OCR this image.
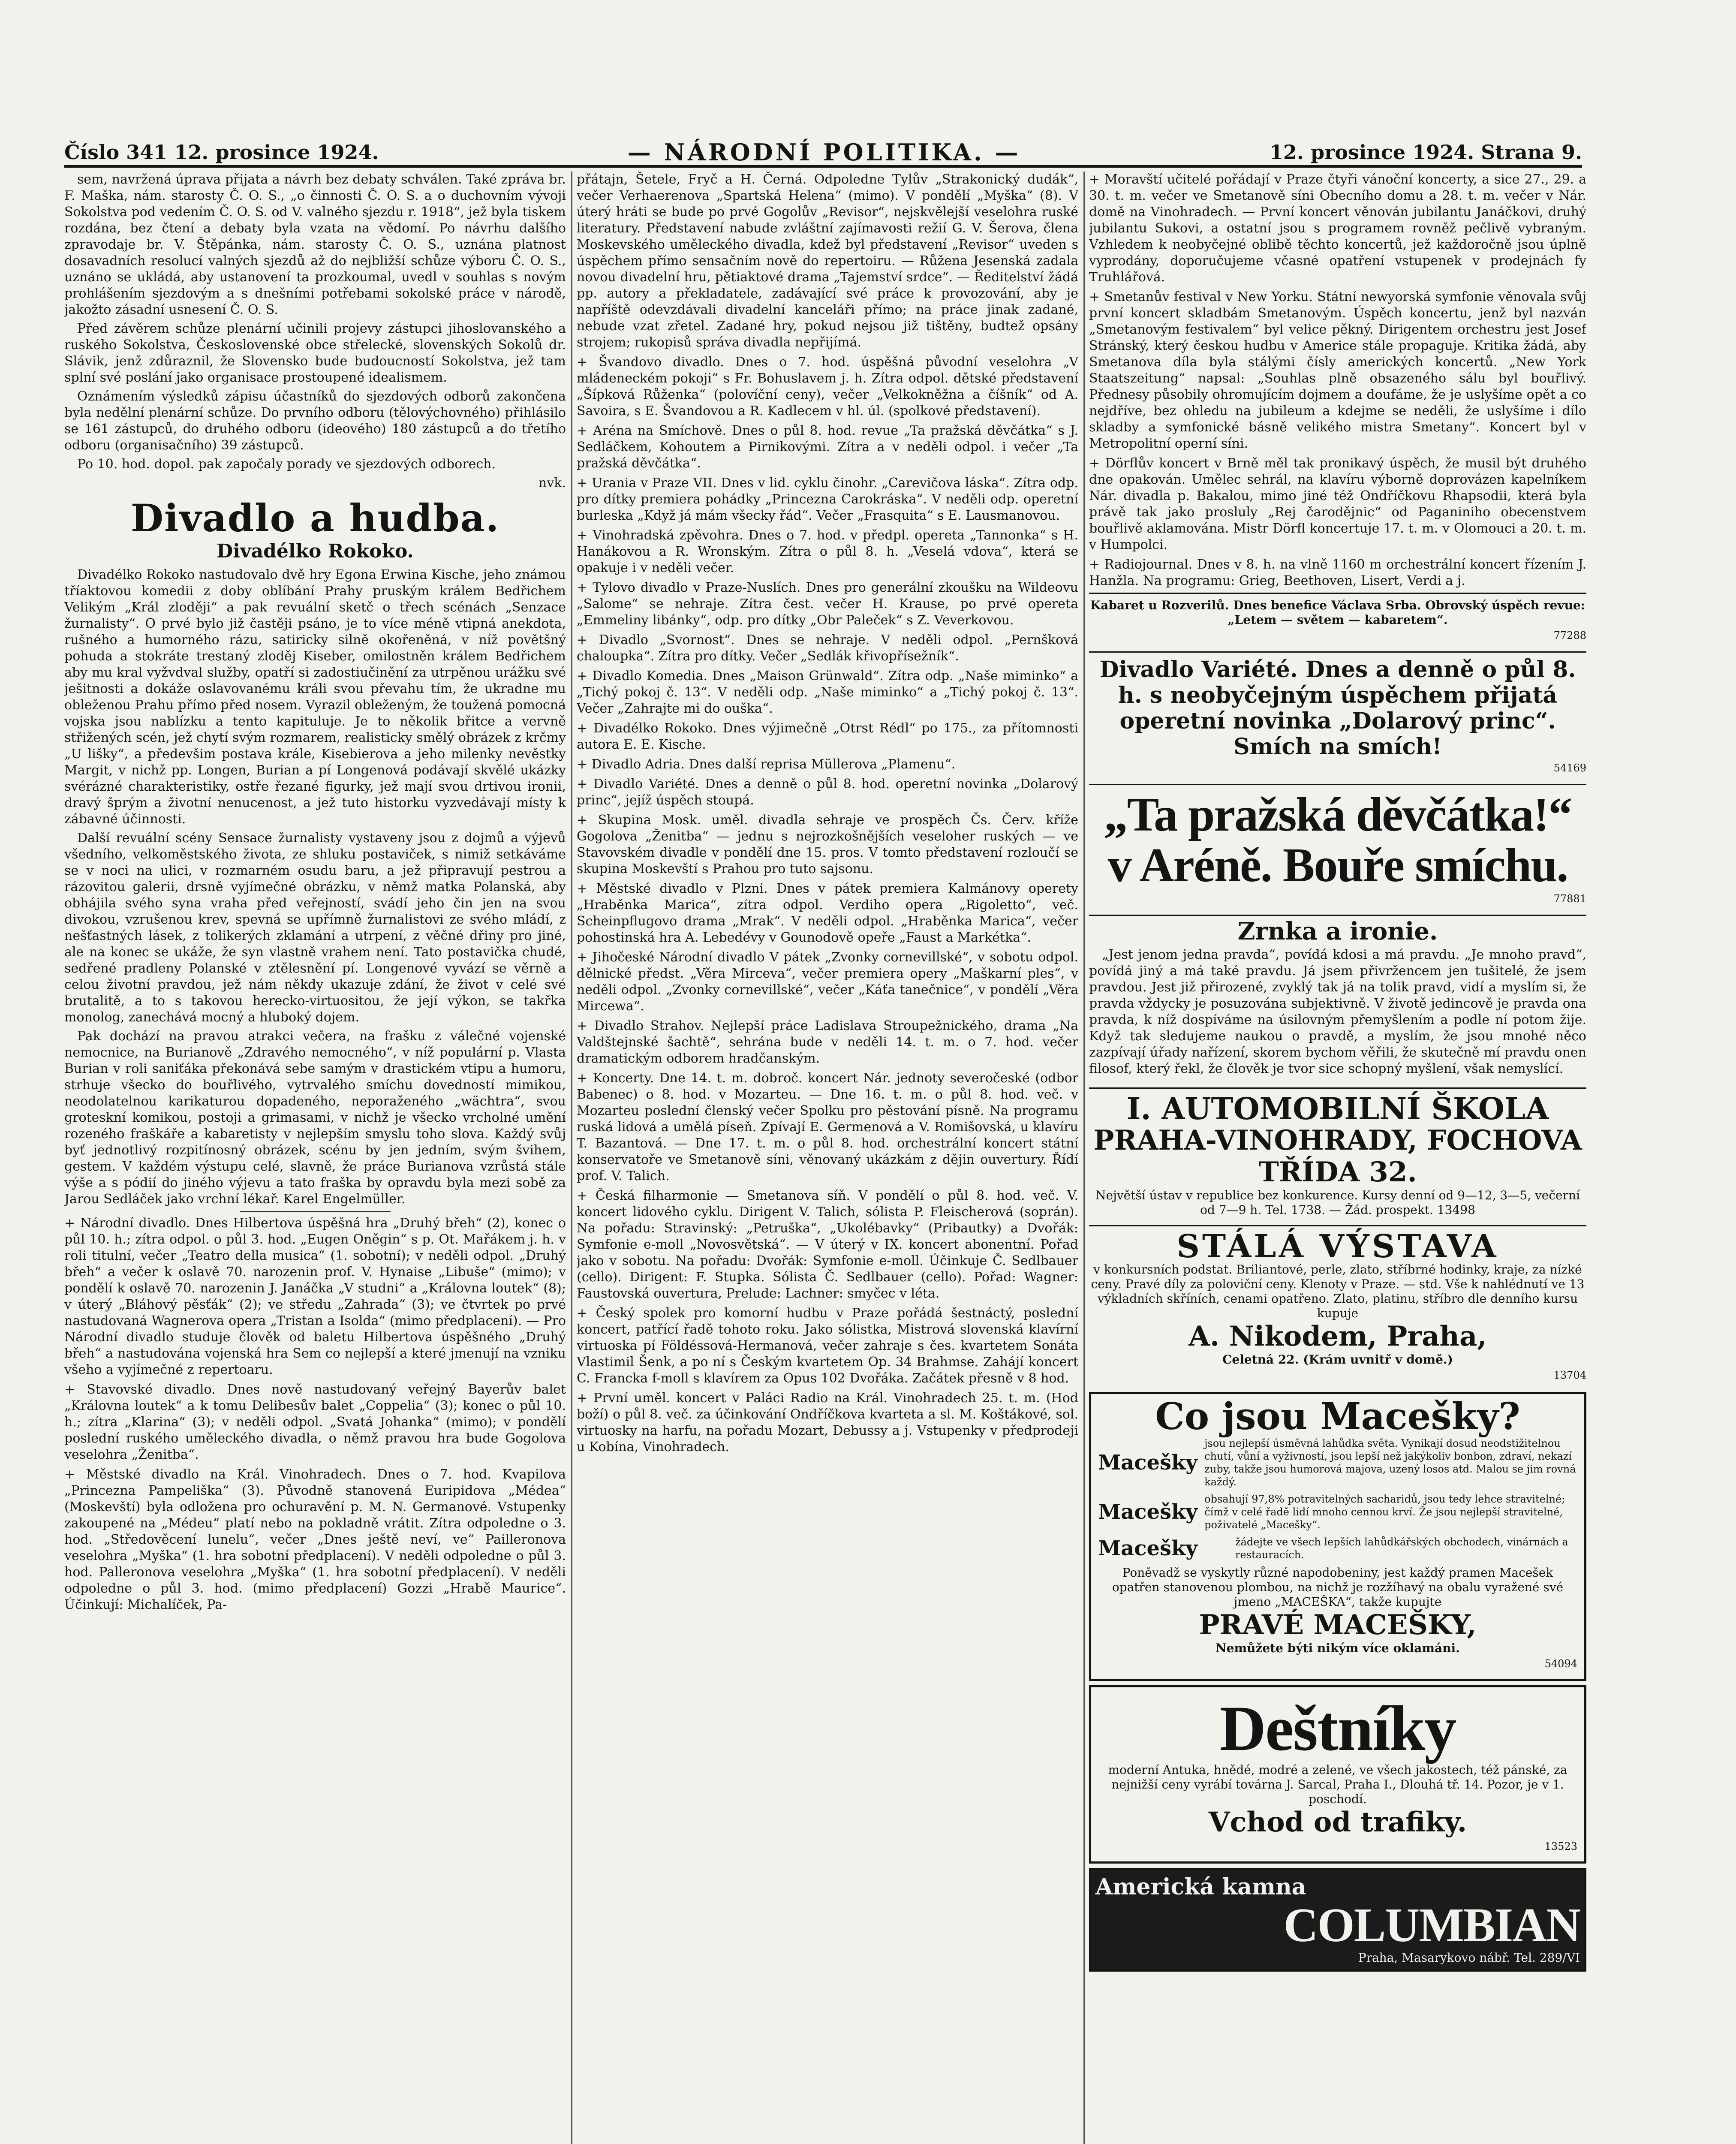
Číslo 341 12. prosince 1924.	— NÁRODNÍ POLITIKA. —	12. prosince 1924. Strana 9.

sem, navržená úprava přijata a návrh bez debaty schválen. Také zpráva br. F. Maška, nám. starosty Č. O. S., „o činnosti Č. O. S. a o duchovním vývoji Sokolstva pod vedením Č. O. S. od V. valného sjezdu r. 1918“, jež byla tiskem rozdána, bez čtení a debaty byla vzata na vědomí. Po návrhu dalšího zpravodaje br. V. Štěpánka, nám. starosty Č. O. S., uznána platnost dosavadních resolucí valných sjezdů až do nejbližší schůze výboru Č. O. S., uznáno se ukládá, aby ustanovení ta prozkoumal, uvedl v souhlas s novým prohlášením sjezdovým a s dnešními potřebami sokolské práce v národě, jakožto zásadní usnesení Č. O. S.

Před závěrem schůze plenární učinili projevy zástupci jihoslovanského a ruského Sokolstva, Československé obce střelecké, slovenských Sokolů dr. Slávik, jenž zdůraznil, že Slovensko bude budoucností Sokolstva, jež tam splní své poslání jako organisace prostoupené idealismem.

Oznámením výsledků zápisu účastníků do sjezdových odborů zakončena byla nedělní plenární schůze. Do prvního odboru (tělovýchovného) přihlásilo se 161 zástupců, do druhého odboru (ideového) 180 zástupců a do třetího odboru (organisačního) 39 zástupců.

Po 10. hod. dopol. pak započaly porady ve sjezdových odborech.

nvk.
Divadlo a hudba.
Divadélko Rokoko.

Divadélko Rokoko nastudovalo dvě hry Egona Erwina Kische, jeho známou tříaktovou komedii z doby oblíbání Prahy pruským králem Bedřichem Velikým „Král zloději“ a pak revuální sketč o třech scénách „Senzace žurnalisty“. O prvé bylo již častěji psáno, je to více méně vtipná anekdota, rušného a humorného rázu, satiricky silně okořeněná, v níž povětšný pohuda a stokráte trestaný zloděj Kiseber, omilostněn králem Bedřichem aby mu kral vyžvdval služby, opatří si zadostiučinění za utrpěnou urážku své ješitnosti a dokáže oslavovanému králi svou převahu tím, že ukradne mu obleženou Prahu přímo před nosem. Vyrazil obleženým, že toužená pomocná vojska jsou nablízku a tento kapituluje. Je to několik břitce a vervně střižených scén, jež chytí svým rozmarem, realisticky smělý obrázek z krčmy „U lišky“, a předevšim postava krále, Kisebierova a jeho milenky nevěstky Margit, v nichž pp. Longen, Burian a pí Longenová podávají skvělé ukázky svérázné charakteristiky, ostře řezané figurky, jež mají svou drtivou ironii, dravý šprým a životní nenucenost, a jež tuto historku vyzvedávají místy k zábavné účinnosti.

Další revuální scény Sensace žurnalisty vystaveny jsou z dojmů a výjevů všedního, velkoměstského života, ze shluku postaviček, s nimiž setkáváme se v noci na ulici, v rozmarném osudu baru, a jež připravují pestrou a rázovitou galerii, drsně vyjímečné obrázku, v němž matka Polanská, aby obhájila svého syna vraha před veřejností, svádí jeho čin jen na svou divokou, vzrušenou krev, spevná se upřímně žurnalistovi ze svého mládí, z nešťastných lásek, z tolikerých zklamání a utrpení, z věčné dřiny pro jiné, ale na konec se ukáže, že syn vlastně vrahem není. Tato postavička chudé, sedřené pradleny Polanské v ztělesnění pí. Longenové vyvází se věrně a celou životní pravdou, jež nám někdy ukazuje zdání, že život v celé své brutalitě, a to s takovou herecko-virtuositou, že její výkon, se takřka monolog, zanechává mocný a hluboký dojem.

Pak dochází na pravou atrakci večera, na frašku z válečné vojenské nemocnice, na Burianově „Zdravého nemocného“, v níž populární p. Vlasta Burian v roli saniťáka překonává sebe samým v drastickém vtipu a humoru, strhuje všecko do bouřlivého, vytrvalého smíchu dovedností mimikou, neodolatelnou karikaturou dopadeného, neporaženého „wächtra“, svou groteskní komikou, postoji a grimasami, v nichž je všecko vrcholné umění rozeného fraškáře a kabaretisty v nejlepším smyslu toho slova. Každý svůj byť jednotlivý rozpitínosný obrázek, scénu by jen jedním, svým švihem, gestem. V každém výstupu celé, slavně, že práce Burianova vzrůstá stále výše a s pódií do jiného výjevu a tato fraška by opravdu byla mezi sobě za Jarou Sedláček jako vrchní lékař. Karel Engelmüller.

+ Národní divadlo. Dnes Hilbertova úspěšná hra „Druhý břeh“ (2), konec o půl 10. h.; zítra odpol. o půl 3. hod. „Eugen Oněgin“ s p. Ot. Mařákem j. h. v roli titulní, večer „Teatro della musica“ (1. sobotní); v neděli odpol. „Druhý břeh“ a večer k oslavě 70. narozenin prof. V. Hynaise „Libuše“ (mimo); v pondělí k oslavě 70. narozenin J. Janáčka „V studni“ a „Královna loutek“ (8); v úterý „Bláhový pěsťák“ (2); ve středu „Zahrada“ (3); ve čtvrtek po prvé nastudovaná Wagnerova opera „Tristan a Isolda“ (mimo předplacení). — Pro Národní divadlo studuje člověk od baletu Hilbertova úspěšného „Druhý břeh“ a nastudována vojenská hra Sem co nejlepší a které jmenují na vzniku všeho a vyjímečné z repertoaru.

+ Stavovské divadlo. Dnes nově nastudovaný veřejný Bayerův balet „Královna loutek“ a k tomu Delibesův balet „Coppelia“ (3); konec o půl 10. h.; zítra „Klarina“ (3); v neděli odpol. „Svatá Johanka“ (mimo); v pondělí poslední ruského uměleckého divadla, o němž pravou hra bude Gogolova veselohra „Ženitba“.

+ Městské divadlo na Král. Vinohradech. Dnes o 7. hod. Kvapilova „Princezna Pampeliška“ (3). Původně stanovená Euripidova „Médea“ (Moskevští) byla odložena pro ochuravění p. M. N. Germanové. Vstupenky zakoupené na „Médeu“ platí nebo na pokladně vrátit. Zítra odpoledne o 3. hod. „Středověcení lunelu“, večer „Dnes ještě neví, ve“ Pailleronova veselohra „Myška“ (1. hra sobotní předplacení). V neděli odpoledne o půl 3. hod. Palleronova veselohra „Myška“ (1. hra sobotní předplacení). V neděli odpoledne o půl 3. hod. (mimo předplacení) Gozzi „Hrabě Maurice“. Účinkují: Michalíček, Pa-

přátajn, Šetele, Fryč a H. Černá. Odpoledne Tylův „Strakonický dudák“, večer Verhaerenova „Spartská Helena“ (mimo). V pondělí „Myška“ (8). V úterý hráti se bude po prvé Gogolův „Revisor“, nejskvělejší veselohra ruské literatury. Představení nabude zvláštní zajímavosti režií G. V. Šerova, člena Moskevského uměleckého divadla, kdež byl představení „Revisor“ uveden s úspěchem přímo sensačním nově do repertoiru. — Růžena Jesenská zadala novou divadelní hru, pětiaktové drama „Tajemství srdce“. — Ředitelství žádá pp. autory a překladatele, zadávající své práce k provozování, aby je napříště odevzdávali divadelní kanceláři přímo; na práce jinak zadané, nebude vzat zřetel. Zadané hry, pokud nejsou již tištěny, budtež opsány strojem; rukopisů správa divadla nepřijímá.

+ Švandovo divadlo. Dnes o 7. hod. úspěšná původní veselohra „V mládeneckém pokoji“ s Fr. Bohuslavem j. h. Zítra odpol. dětské představení „Šípková Růženka“ (polovíční ceny), večer „Velkokněžna a číšník“ od A. Savoira, s E. Švandovou a R. Kadlecem v hl. úl. (spolkové představení).

+ Aréna na Smíchově. Dnes o půl 8. hod. revue „Ta pražská děvčátka“ s J. Sedláčkem, Kohoutem a Pirnikovými. Zítra a v neděli odpol. i večer „Ta pražská děvčátka“.

+ Urania v Praze VII. Dnes v lid. cyklu činohr. „Carevičova láska“. Zítra odp. pro dítky premiera pohádky „Princezna Carokráska“. V neděli odp. operetní burleska „Když já mám všecky řád“. Večer „Frasquita“ s E. Lausmanovou.

+ Vinohradská zpěvohra. Dnes o 7. hod. v předpl. opereta „Tannonka“ s H. Hanákovou a R. Wronským. Zítra o půl 8. h. „Veselá vdova“, která se opakuje i v neděli večer.

+ Tylovo divadlo v Praze-Nuslích. Dnes pro generální zkoušku na Wildeovu „Salome“ se nehraje. Zítra čest. večer H. Krause, po prvé opereta „Emmeliny libánky“, odp. pro dítky „Obr Paleček“ s Z. Veverkovou.

+ Divadlo „Svornost“. Dnes se nehraje. V neděli odpol. „Pernšková chaloupka“. Zítra pro dítky. Večer „Sedlák křivopřísežník“.

+ Divadlo Komedia. Dnes „Maison Grünwald“. Zítra odp. „Naše miminko“ a „Tichý pokoj č. 13“. V neděli odp. „Naše miminko“ a „Tichý pokoj č. 13“. Večer „Zahrajte mi do ouška“.

+ Divadélko Rokoko. Dnes výjimečně „Otrst Rédl“ po 175., za přítomnosti autora E. E. Kische.

+ Divadlo Adria. Dnes další reprisa Müllerova „Plamenu“.

+ Divadlo Variété. Dnes a denně o půl 8. hod. operetní novinka „Dolarový princ“, jejíž úspěch stoupá.

+ Skupina Mosk. uměl. divadla sehraje ve prospěch Čs. Červ. kříže Gogolova „Ženitba“ — jednu s nejrozkošnějších veseloher ruských — ve Stavovském divadle v pondělí dne 15. pros. V tomto představení rozloučí se skupina Moskevští s Prahou pro tuto sajsonu.

+ Městské divadlo v Plzni. Dnes v pátek premiera Kalmánovy operety „Hraběnka Marica“, zítra odpol. Verdiho opera „Rigoletto“, več. Scheinpflugovo drama „Mrak“. V neděli odpol. „Hraběnka Marica“, večer pohostinská hra A. Lebedévy v Gounodově opeře „Faust a Markétka“.

+ Jihočeské Národní divadlo V pátek „Zvonky cornevillské“, v sobotu odpol. dělnické předst. „Věra Mirceva“, večer premiera opery „Maškarní ples“, v neděli odpol. „Zvonky cornevillské“, večer „Káťa tanečnice“, v pondělí „Věra Mircewa“.

+ Divadlo Strahov. Nejlepší práce Ladislava Stroupežnického, drama „Na Valdštejnské šachtě“, sehrána bude v neděli 14. t. m. o 7. hod. večer dramatickým odborem hradčanským.

+ Koncerty. Dne 14. t. m. dobroč. koncert Nár. jednoty severočeské (odbor Babenec) o 8. hod. v Mozarteu. — Dne 16. t. m. o půl 8. hod. več. v Mozarteu poslední členský večer Spolku pro pěstování písně. Na programu ruská lidová a umělá píseň. Zpívají E. Germenová a V. Romišovská, u klavíru T. Bazantová. — Dne 17. t. m. o půl 8. hod. orchestrální koncert státní konservatoře ve Smetanově síni, věnovaný ukázkám z dějin ouvertury. Řídí prof. V. Talich.

+ Česká filharmonie — Smetanova síň. V pondělí o půl 8. hod. več. V. koncert lidového cyklu. Dirigent V. Talich, sólista P. Fleischerová (soprán). Na pořadu: Stravinský: „Petruška“, „Ukolébavky“ (Pribautky) a Dvořák: Symfonie e-moll „Novosvětská“. — V úterý v IX. koncert abonentní. Pořad jako v sobotu. Na pořadu: Dvořák: Symfonie e-moll. Účinkuje Č. Sedlbauer (cello). Dirigent: F. Stupka. Sólista Č. Sedlbauer (cello). Pořad: Wagner: Faustovská ouvertura, Prelude: Lachner: smyčec v léta.

+ Český spolek pro komorní hudbu v Praze pořádá šestnáctý, poslední koncert, patřící řadě tohoto roku. Jako sólistka, Mistrová slovenská klavírní virtuoska pí Földéssová-Hermanová, večer zahraje s čes. kvartetem Sonáta Vlastimil Šenk, a po ní s Českým kvartetem Op. 34 Brahmse. Zahájí koncert C. Francka f-moll s klavírem za Opus 102 Dvořáka. Začátek přesně v 8 hod.

+ První uměl. koncert v Paláci Radio na Král. Vinohradech 25. t. m. (Hod boží) o půl 8. več. za účinkování Ondříčkova kvarteta a sl. M. Koštákové, sol. virtuosky na harfu, na pořadu Mozart, Debussy a j. Vstupenky v předprodeji u Kobína, Vinohradech.

+ Moravští učitelé pořádají v Praze čtyři vánoční koncerty, a sice 27., 29. a 30. t. m. večer ve Smetanově síni Obecního domu a 28. t. m. večer v Nár. domě na Vinohradech. — První koncert věnován jubilantu Janáčkovi, druhý jubilantu Sukovi, a ostatní jsou s programem rovněž pečlivě vybraným. Vzhledem k neobyčejné oblibě těchto koncertů, jež každoročně jsou úplně vyprodány, doporučujeme včasné opatření vstupenek v prodejnách fy Truhlářová.

+ Smetanův festival v New Yorku. Státní newyorská symfonie věnovala svůj první koncert skladbám Smetanovým. Úspěch koncertu, jenž byl nazván „Smetanovým festivalem“ byl velice pěkný. Dirigentem orchestru jest Josef Stránský, který českou hudbu v Americe stále propaguje. Kritika žádá, aby Smetanova díla byla stálými čísly amerických koncertů. „New York Staatszeitung“ napsal: „Souhlas plně obsazeného sálu byl bouřlivý. Přednesy působily ohromujícím dojmem a doufáme, že je uslyšíme opět a co nejdříve, bez ohledu na jubileum a kdejme se neděli, že uslyšíme i dílo skladby a symfonické básně velikého mistra Smetany“. Koncert byl v Metropolitní operní síni.

+ Dörflův koncert v Brně měl tak pronikavý úspěch, že musil být druhého dne opakován. Umělec sehrál, na klavíru výborně doprovázen kapelníkem Nár. divadla p. Bakalou, mimo jiné též Ondříčkovu Rhapsodii, která byla právě tak jako prosluly „Rej čarodějnic“ od Paganiniho obecenstvem bouřlivě aklamována. Mistr Dörfl koncertuje 17. t. m. v Olomouci a 20. t. m. v Humpolci.

+ Radiojournal. Dnes v 8. h. na vlně 1160 m orchestrální koncert řízením J. Hanžla. Na programu: Grieg, Beethoven, Lisert, Verdi a j.

Kabaret u Rozverilů. Dnes benefice Václava Srba. Obrovský úspěch revue: „Letem — světem — kabaretem“.
77288
Divadlo Variété. Dnes a denně o půl 8. h. s neobyčejným úspěchem přijatá operetní novinka „Dolarový princ“. Smích na smích!
54169
„Ta pražská děvčátka!“
v Aréně. Bouře smíchu.
77881
Zrnka a ironie.

„Jest jenom jedna pravda“, povídá kdosi a má pravdu. „Je mnoho pravd“, povídá jiný a má také pravdu. Já jsem přivržencem jen tušitelé, že jsem pravdou. Jest již přirozené, zvyklý tak já na tolik pravd, vidí a myslím si, že pravda vždycky je posuzována subjektivně. V životě jedincově je pravda ona pravda, k níž dospíváme na úsilovným přemyšlením a podle ní potom žije. Když tak sledujeme naukou o pravdě, a myslím, že jsou mnohé něco zazpívají úřady nařízení, skorem bychom věřili, že skutečně mí pravdu onen filosof, který řekl, že člověk je tvor sice schopný myšlení, však nemyslící.

I. AUTOMOBILNÍ ŠKOLA
PRAHA-VINOHRADY, FOCHOVA TŘÍDA 32.
Největší ústav v republice bez konkurence. Kursy denní od 9—12, 3—5, večerní od 7—9 h. Tel. 1738. — Žád. prospekt. 13498
STÁLÁ VÝSTAVA
v konkursních podstat. Briliantové, perle, zlato, stříbrné hodinky, kraje, za nízké ceny. Pravé díly za poloviční ceny. Klenoty v Praze. — std. Vše k nahlédnutí ve 13 výkladních skříních, cenami opatřeno. Zlato, platinu, stříbro dle denního kursu kupuje
A. Nikodem, Praha,
Celetná 22. (Krám uvnitř v domě.)
13704
Co jsou Macešky?
Macešky
jsou nejlepší úsměvná lahůdka světa. Vynikají dosud neodstižitelnou chutí, vůní a vyživností, jsou lepší než jakýkoliv bonbon, zdraví, nekazí zuby, takže jsou humorová majova, uzený losos atd. Malou se jim rovná každý.
Macešky
obsahují 97,8% potravitelných sacharidů, jsou tedy lehce stravitelné; čímž v celé řadě lidí mnoho cennou krví. Že jsou nejlepší stravitelné, poživatelé „Macešky“.
Macešky	žádejte ve všech lepších lahůdkářských obchodech, vinárnách a restauracích.
Poněvadž se vyskytly různé napodobeniny, jest každý pramen Macešek opatřen stanovenou plombou, na nichž je rozžíhavý na obalu vyražené své jmeno „MACEŠKA“, takže kupujte
PRAVÉ MACEŠKY,
Nemůžete býti nikým více oklamáni.
54094
Deštníky
moderní Antuka, hnědé, modré a zelené, ve všech jakostech, též pánské, za nejnižší ceny vyrábí továrna J. Sarcal, Praha I., Dlouhá tř. 14. Pozor, je v 1. poschodí.
Vchod od trafiky.
13523
Americká kamna
COLUMBIAN
Praha, Masarykovo nábř. Tel. 289/VI
